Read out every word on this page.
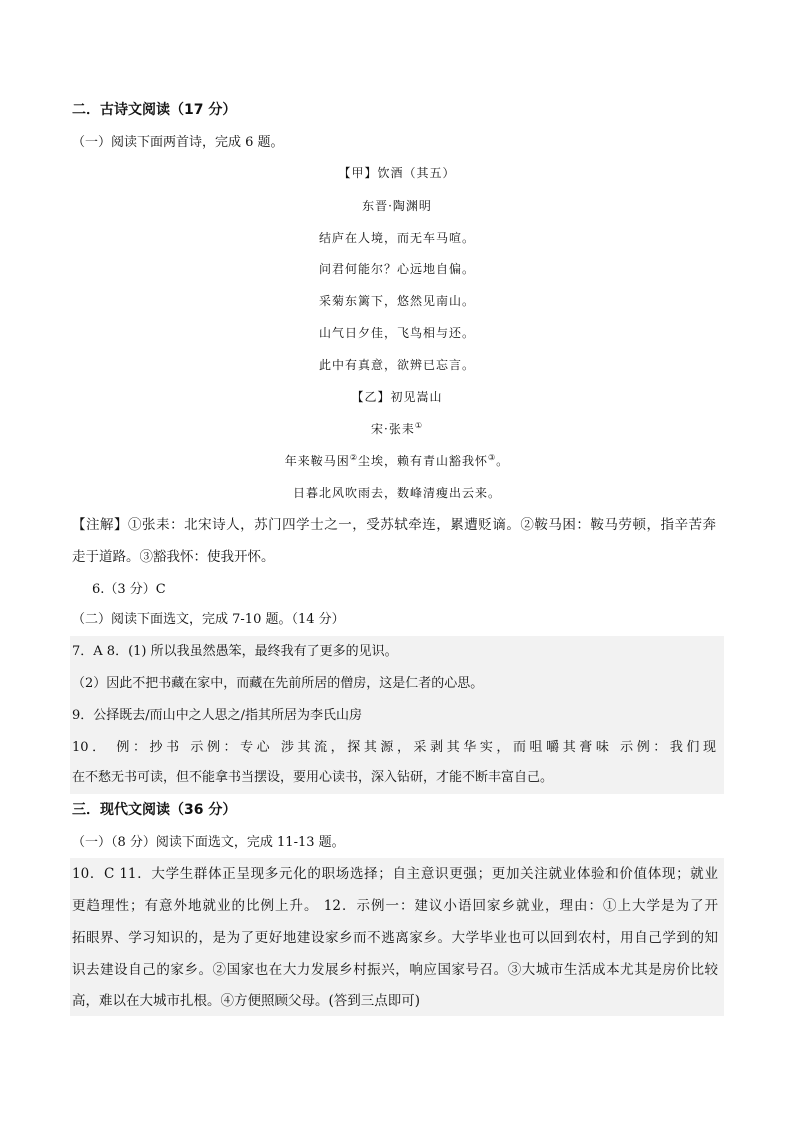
二．古诗文阅读（17 分）
（一）阅读下面两首诗，完成 6 题。
【甲】饮酒（其五）
东晋·陶渊明
结庐在人境，而无车马喧。
问君何能尔？心远地自偏。
采菊东篱下，悠然见南山。
山气日夕佳，飞鸟相与还。
此中有真意，欲辨已忘言。
【乙】初见嵩山
宋·张耒①
年来鞍马困②尘埃，赖有青山豁我怀③。
日暮北风吹雨去，数峰清瘦出云来。
【注解】①张耒：北宋诗人，苏门四学士之一，受苏轼牵连，累遭贬谪。②鞍马困：鞍马劳顿，指辛苦奔
走于道路。③豁我怀：使我开怀。
6.（3 分）C
（二）阅读下面选文，完成 7-10 题。（14 分）
7．A 8．(1) 所以我虽然愚笨，最终我有了更多的见识。
（2）因此不把书藏在家中，而藏在先前所居的僧房，这是仁者的心思。
9．公择既去/而山中之人思之/指其所居为李氏山房
10． 例：抄书 示例：专心 涉其流，探其源，采剥其华实，而咀嚼其膏味 示例：我们现
在不愁无书可读，但不能拿书当摆设，要用心读书，深入钻研，才能不断丰富自己。
三．现代文阅读（36 分）
（一）（8 分）阅读下面选文，完成 11-13 题。
10．C 11．大学生群体正呈现多元化的职场选择；自主意识更强；更加关注就业体验和价值体现；就业
更趋理性；有意外地就业的比例上升。 12．示例一：建议小语回家乡就业，理由：①上大学是为了开
拓眼界、学习知识的，是为了更好地建设家乡而不逃离家乡。大学毕业也可以回到农村，用自己学到的知
识去建设自己的家乡。②国家也在大力发展乡村振兴，响应国家号召。③大城市生活成本尤其是房价比较
高，难以在大城市扎根。④方便照顾父母。(答到三点即可)
